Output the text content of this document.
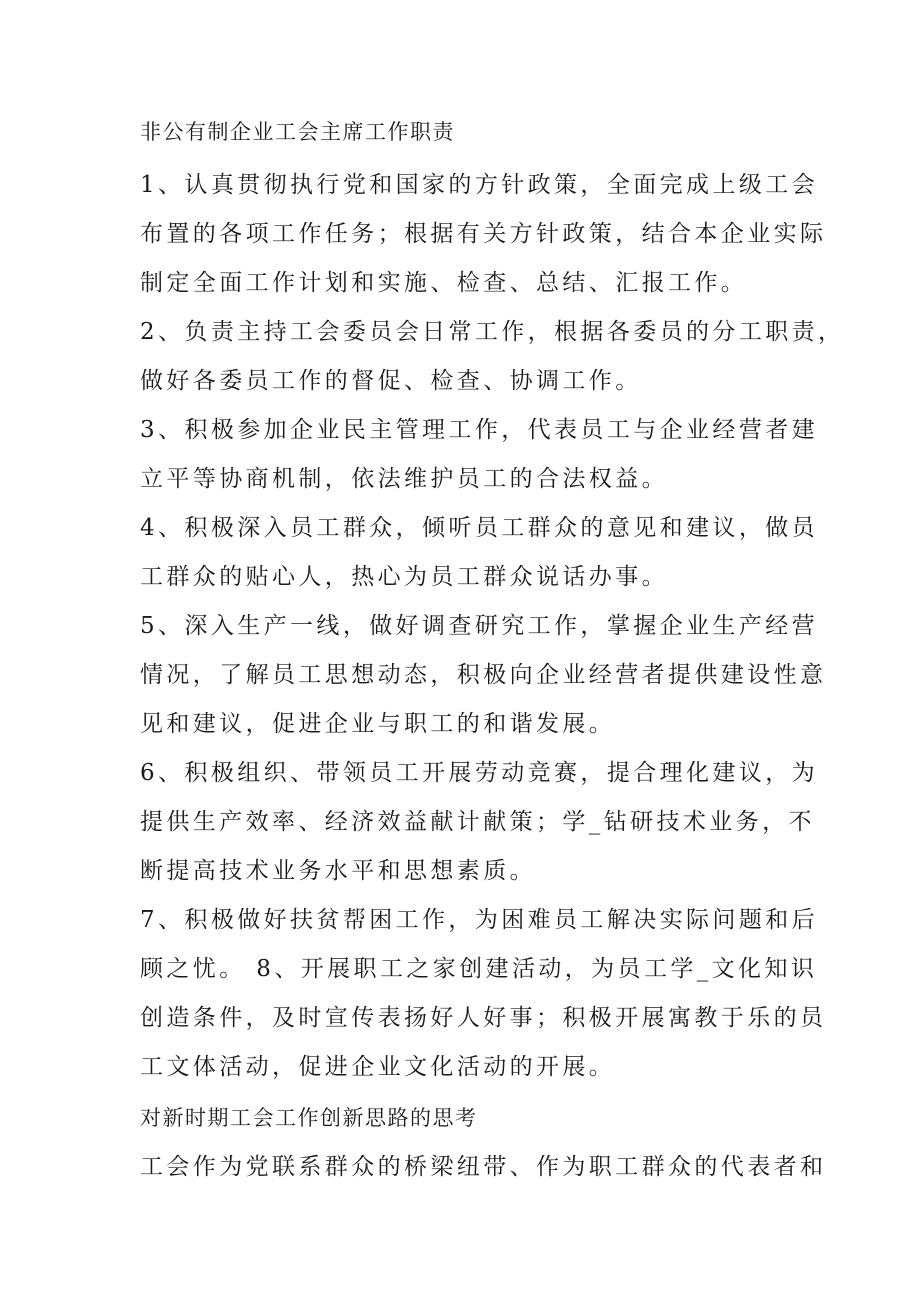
非公有制企业工会主席工作职责
1、认真贯彻执行党和国家的方针政策，全面完成上级工会
布置的各项工作任务；根据有关方针政策，结合本企业实际
制定全面工作计划和实施、检查、总结、汇报工作。
2、负责主持工会委员会日常工作，根据各委员的分工职责，
做好各委员工作的督促、检查、协调工作。
3、积极参加企业民主管理工作，代表员工与企业经营者建
立平等协商机制，依法维护员工的合法权益。
4、积极深入员工群众，倾听员工群众的意见和建议，做员
工群众的贴心人，热心为员工群众说话办事。
5、深入生产一线，做好调查研究工作，掌握企业生产经营
情况，了解员工思想动态，积极向企业经营者提供建设性意
见和建议，促进企业与职工的和谐发展。
6、积极组织、带领员工开展劳动竞赛，提合理化建议，为
提供生产效率、经济效益献计献策；学_钻研技术业务，不
断提高技术业务水平和思想素质。
7、积极做好扶贫帮困工作，为困难员工解决实际问题和后
顾之忧。 8、开展职工之家创建活动，为员工学_文化知识
创造条件，及时宣传表扬好人好事；积极开展寓教于乐的员
工文体活动，促进企业文化活动的开展。
对新时期工会工作创新思路的思考
工会作为党联系群众的桥梁纽带、作为职工群众的代表者和
